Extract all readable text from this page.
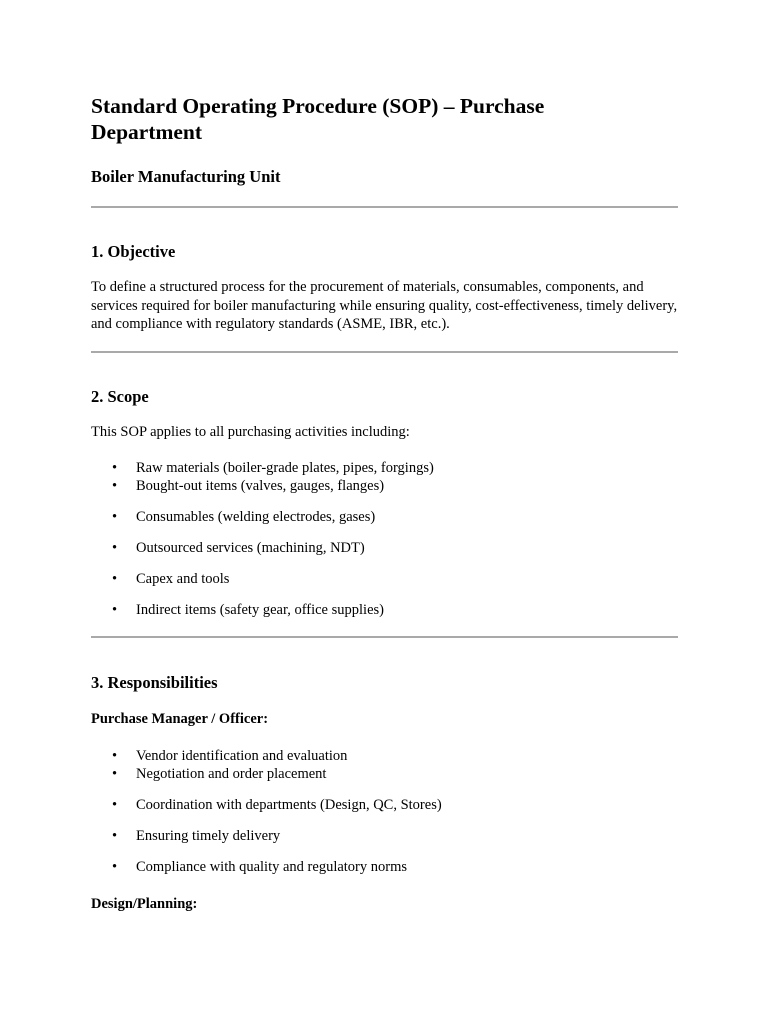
Standard Operating Procedure (SOP) – Purchase Department
Boiler Manufacturing Unit
1. Objective

To define a structured process for the procurement of materials, consumables, components, and services required for boiler manufacturing while ensuring quality, cost-effectiveness, timely delivery, and compliance with regulatory standards (ASME, IBR, etc.).

2. Scope

This SOP applies to all purchasing activities including:

• Raw materials (boiler-grade plates, pipes, forgings)
• Bought-out items (valves, gauges, flanges)
• Consumables (welding electrodes, gases)
• Outsourced services (machining, NDT)
• Capex and tools
• Indirect items (safety gear, office supplies)
3. Responsibilities
Purchase Manager / Officer:
• Vendor identification and evaluation
• Negotiation and order placement
• Coordination with departments (Design, QC, Stores)
• Ensuring timely delivery
• Compliance with quality and regulatory norms
Design/Planning:
